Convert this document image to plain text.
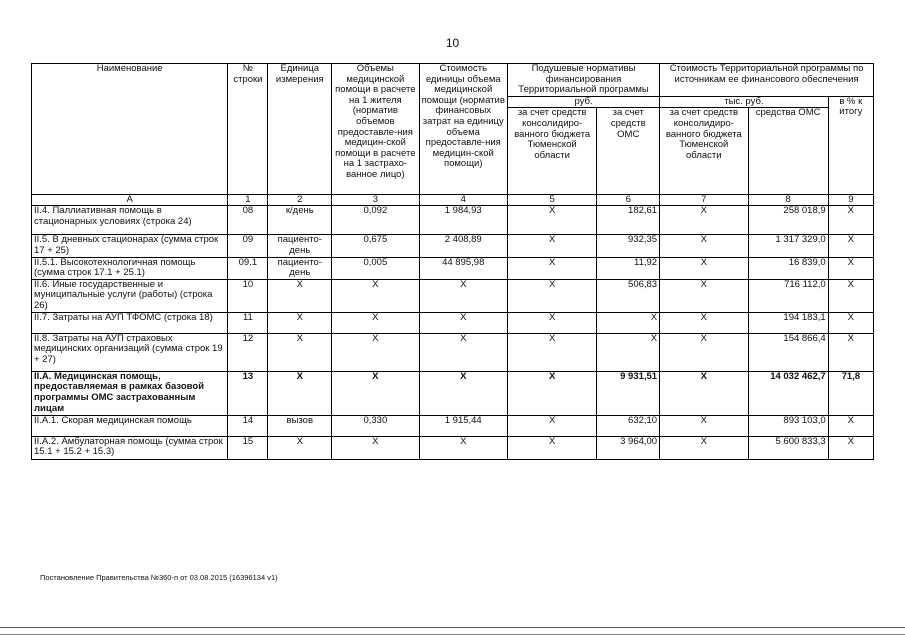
10
Наименование	№ строки	Единица измерения	Объемы медицинской помощи в расчете на 1 жителя (норматив объемов предоставле-ния медицин-ской помощи в расчете на 1 застрахо-ванное лицо)	Стоимость единицы объема медицинской помощи (норматив финансовых затрат на единицу объема предоставле-ния медицин-ской помощи)	Подушевые нормативы финансирования Территориальной программы		Стоимость Территориальной программы по источникам ее финансового обеспечения		
					руб.		тыс. руб.		в % к итогу
					за счет средств консолидиро-ванного бюджета Тюменской области	за счет средств ОМС	за счет средств консолидиро-ванного бюджета Тюменской области	средства ОМС	
А	1	2	3	4	5	6	7	8	9
II.4. Паллиативная помощь в стационарных условиях (строка 24)	08	к/день	0,092	1 984,93	Х	182,61	Х	258 018,9	Х
II.5. В дневных стационарах (сумма строк 17 + 25)	09	пациенто-день	0,675	2 408,89	Х	932,35	Х	1 317 329,0	Х
II.5.1. Высокотехнологичная помощь (сумма строк 17.1 + 25.1)	09.1	пациенто-день	0,005	44 895,98	Х	11,92	Х	16 839,0	Х
II.6. Иные государственные и муниципальные услуги (работы) (строка 26)	10	Х	Х	Х	Х	506,83	Х	716 112,0	Х
II.7. Затраты на АУП ТФОМС (строка 18)	11	Х	Х	Х	Х	Х	Х	194 183,1	Х
II.8. Затраты на АУП страховых медицинских организаций (сумма строк 19 + 27)	12	Х	Х	Х	Х	Х	Х	154 866,4	Х
II.А. Медицинская помощь, предоставляемая в рамках базовой программы ОМС застрахованным лицам	13	Х	Х	Х	Х	9 931,51	Х	14 032 462,7	71,8
II.А.1. Скорая медицинская помощь	14	вызов	0,330	1 915,44	Х	632,10	Х	893 103,0	Х
II.А.2. Амбулаторная помощь (сумма строк 15.1 + 15.2 + 15.3)	15	Х	Х	Х	Х	3 964,00	Х	5 600 833,3	Х
Постановление Правительства №360-п от 03.08.2015 (16396134 v1)
